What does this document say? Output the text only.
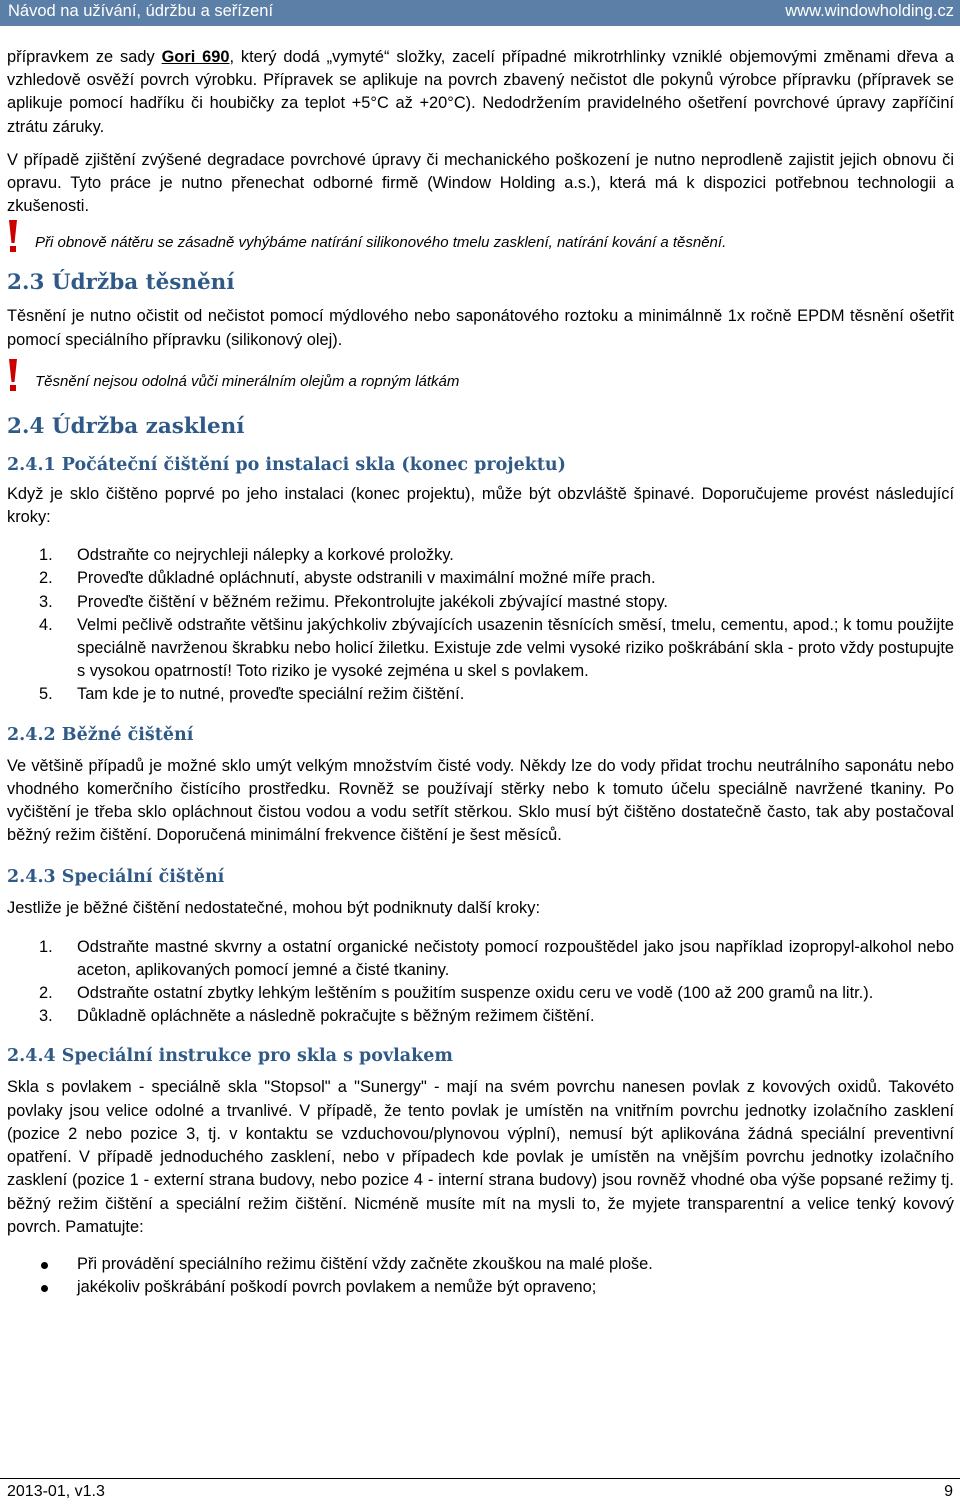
Návod na užívání, údržbu a seřízení	www.windowholding.cz

přípravkem ze sady Gori 690, který dodá „vymyté“ složky, zacelí případné mikrotrhlinky vzniklé objemovými změnami dřeva a vzhledově osvěží povrch výrobku. Přípravek se aplikuje na povrch zbavený nečistot dle pokynů výrobce přípravku (přípravek se aplikuje pomocí hadříku či houbičky za teplot +5°C až +20°C). Nedodržením pravidelného ošetření povrchové úpravy zapříčiní ztrátu záruky.

V případě zjištění zvýšené degradace povrchové úpravy či mechanického poškození je nutno neprodleně zajistit jejich obnovu či opravu. Tyto práce je nutno přenechat odborné firmě (Window Holding a.s.), která má k dispozici potřebnou technologii a zkušenosti.

Při obnově nátěru se zásadně vyhýbáme natírání silikonového tmelu zasklení, natírání kování a těsnění.
2.3 Údržba těsnění

Těsnění je nutno očistit od nečistot pomocí mýdlového nebo saponátového roztoku a minimálnně 1x ročně EPDM těsnění ošetřit pomocí speciálního přípravku (silikonový olej).

Těsnění nejsou odolná vůči minerálním olejům a ropným látkám
2.4 Údržba zasklení
2.4.1 Počáteční čištění po instalaci skla (konec projektu)

Když je sklo čištěno poprvé po jeho instalaci (konec projektu), může být obzvláště špinavé. Doporučujeme provést následující kroky:

1. Odstraňte co nejrychleji nálepky a korkové proložky.
2. Proveďte důkladné opláchnutí, abyste odstranili v maximální možné míře prach.
3. Proveďte čištění v běžném režimu. Překontrolujte jakékoli zbývající mastné stopy.
4. Velmi pečlivě odstraňte většinu jakýchkoliv zbývajících usazenin těsnících směsí, tmelu, cementu, apod.; k tomu použijte speciálně navrženou škrabku nebo holicí žiletku. Existuje zde velmi vysoké riziko poškrábání skla - proto vždy postupujte s vysokou opatrností! Toto riziko je vysoké zejména u skel s povlakem.
5. Tam kde je to nutné, proveďte speciální režim čištění.
2.4.2 Běžné čištění

Ve většině případů je možné sklo umýt velkým množstvím čisté vody. Někdy lze do vody přidat trochu neutrálního saponátu nebo vhodného komerčního čistícího prostředku. Rovněž se používají stěrky nebo k tomuto účelu speciálně navržené tkaniny. Po vyčištění je třeba sklo opláchnout čistou vodou a vodu setřít stěrkou. Sklo musí být čištěno dostatečně často, tak aby postačoval běžný režim čištění. Doporučená minimální frekvence čištění je šest měsíců.

2.4.3 Speciální čištění

Jestliže je běžné čištění nedostatečné, mohou být podniknuty další kroky:

1. Odstraňte mastné skvrny a ostatní organické nečistoty pomocí rozpouštědel jako jsou například izopropyl-alkohol nebo aceton, aplikovaných pomocí jemné a čisté tkaniny.
2. Odstraňte ostatní zbytky lehkým leštěním s použitím suspenze oxidu ceru ve vodě (100 až 200 gramů na litr.).
3. Důkladně opláchněte a následně pokračujte s běžným režimem čištění.
2.4.4 Speciální instrukce pro skla s povlakem

Skla s povlakem - speciálně skla "Stopsol" a "Sunergy" - mají na svém povrchu nanesen povlak z kovových oxidů. Takovéto povlaky jsou velice odolné a trvanlivé. V případě, že tento povlak je umístěn na vnitřním povrchu jednotky izolačního zasklení (pozice 2 nebo pozice 3, tj. v kontaktu se vzduchovou/plynovou výplní), nemusí být aplikována žádná speciální preventivní opatření. V případě jednoduchého zasklení, nebo v případech kde povlak je umístěn na vnějším povrchu jednotky izolačního zasklení (pozice 1 - externí strana budovy, nebo pozice 4 - interní strana budovy) jsou rovněž vhodné oba výše popsané režimy tj. běžný režim čištění a speciální režim čištění. Nicméně musíte mít na mysli to, že myjete transparentní a velice tenký kovový povrch. Pamatujte:

Při provádění speciálního režimu čištění vždy začněte zkouškou na malé ploše.
jakékoliv poškrábání poškodí povrch povlakem a nemůže být opraveno;
2013-01, v1.3	9
